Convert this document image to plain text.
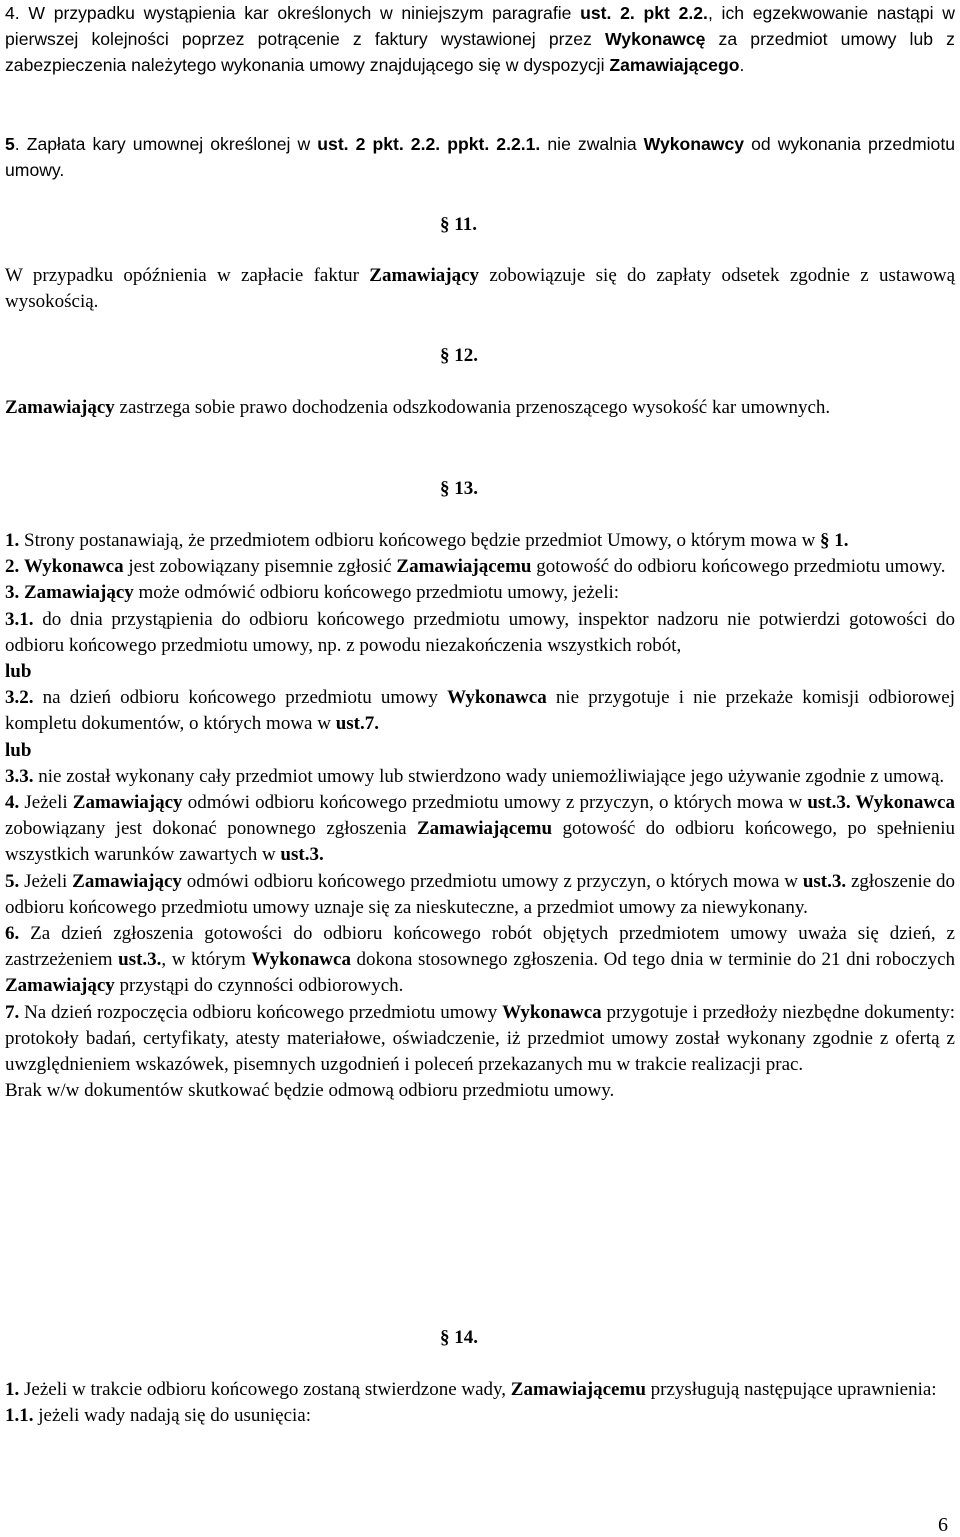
4. W przypadku wystąpienia kar określonych w niniejszym paragrafie ust. 2. pkt 2.2., ich egzekwowanie nastąpi w pierwszej kolejności poprzez potrącenie z faktury wystawionej przez Wykonawcę za przedmiot umowy lub z zabezpieczenia należytego wykonania umowy znajdującego się w dyspozycji Zamawiającego.

5. Zapłata kary umownej określonej w ust. 2 pkt. 2.2. ppkt. 2.2.1. nie zwalnia Wykonawcy od wykonania przedmiotu umowy.

§ 11.

W przypadku opóźnienia w zapłacie faktur Zamawiający zobowiązuje się do zapłaty odsetek zgodnie z ustawową wysokością.

§ 12.

Zamawiający zastrzega sobie prawo dochodzenia odszkodowania przenoszącego wysokość kar umownych.

§ 13.

1. Strony postanawiają, że przedmiotem odbioru końcowego będzie przedmiot Umowy, o którym mowa w § 1.

2. Wykonawca jest zobowiązany pisemnie zgłosić Zamawiającemu gotowość do odbioru końcowego przedmiotu umowy.

3. Zamawiający może odmówić odbioru końcowego przedmiotu umowy, jeżeli:

3.1. do dnia przystąpienia do odbioru końcowego przedmiotu umowy, inspektor nadzoru nie potwierdzi gotowości do odbioru końcowego przedmiotu umowy, np. z powodu niezakończenia wszystkich robót,

lub

3.2. na dzień odbioru końcowego przedmiotu umowy Wykonawca nie przygotuje i nie przekaże komisji odbiorowej kompletu dokumentów, o których mowa w ust.7.

lub

3.3. nie został wykonany cały przedmiot umowy lub stwierdzono wady uniemożliwiające jego używanie zgodnie z umową.

4. Jeżeli Zamawiający odmówi odbioru końcowego przedmiotu umowy z przyczyn, o których mowa w ust.3. Wykonawca zobowiązany jest dokonać ponownego zgłoszenia Zamawiającemu gotowość do odbioru końcowego, po spełnieniu wszystkich warunków zawartych w ust.3.

5. Jeżeli Zamawiający odmówi odbioru końcowego przedmiotu umowy z przyczyn, o których mowa w ust.3. zgłoszenie do odbioru końcowego przedmiotu umowy uznaje się za nieskuteczne, a przedmiot umowy za niewykonany.

6. Za dzień zgłoszenia gotowości do odbioru końcowego robót objętych przedmiotem umowy uważa się dzień, z zastrzeżeniem ust.3., w którym Wykonawca dokona stosownego zgłoszenia. Od tego dnia w terminie do 21 dni roboczych Zamawiający przystąpi do czynności odbiorowych.

7. Na dzień rozpoczęcia odbioru końcowego przedmiotu umowy Wykonawca przygotuje i przedłoży niezbędne dokumenty: protokoły badań, certyfikaty, atesty materiałowe, oświadczenie, iż przedmiot umowy został wykonany zgodnie z ofertą z uwzględnieniem wskazówek, pisemnych uzgodnień i poleceń przekazanych mu w trakcie realizacji prac.

Brak w/w dokumentów skutkować będzie odmową odbioru przedmiotu umowy.

§ 14.

1. Jeżeli w trakcie odbioru końcowego zostaną stwierdzone wady, Zamawiającemu przysługują następujące uprawnienia:

1.1. jeżeli wady nadają się do usunięcia:

6
